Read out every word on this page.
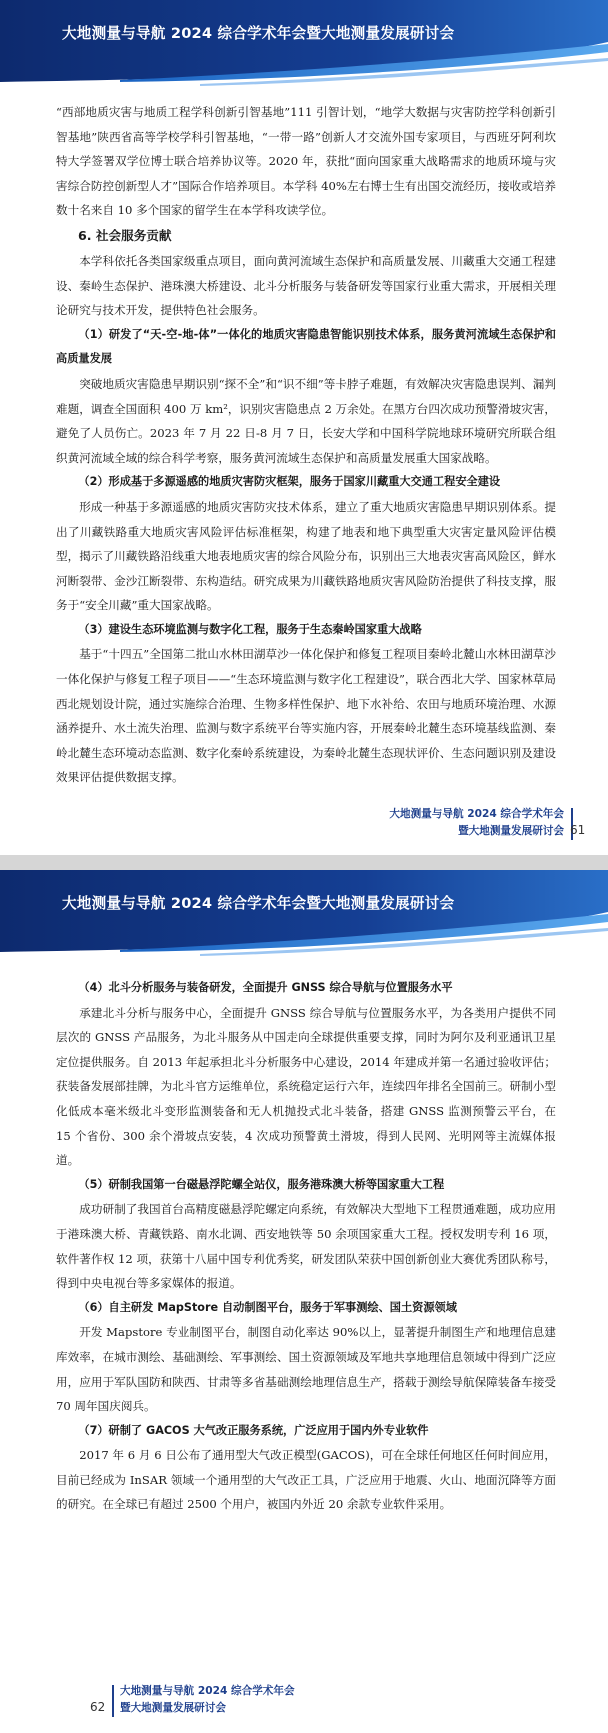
大地测量与导航 2024 综合学术年会暨大地测量发展研讨会

“西部地质灾害与地质工程学科创新引智基地”111 引智计划，“地学大数据与灾害防控学科创新引智基地”陕西省高等学校学科引智基地，“一带一路”创新人才交流外国专家项目，与西班牙阿利坎特大学签署双学位博士联合培养协议等。2020 年，获批“面向国家重大战略需求的地质环境与灾害综合防控创新型人才”国际合作培养项目。本学科 40%左右博士生有出国交流经历，接收或培养数十名来自 10 多个国家的留学生在本学科攻读学位。

6. 社会服务贡献

本学科依托各类国家级重点项目，面向黄河流域生态保护和高质量发展、川藏重大交通工程建设、秦岭生态保护、港珠澳大桥建设、北斗分析服务与装备研发等国家行业重大需求，开展相关理论研究与技术开发，提供特色社会服务。

（1）研发了“天-空-地-体”一体化的地质灾害隐患智能识别技术体系，服务黄河流域生态保护和高质量发展

突破地质灾害隐患早期识别“探不全”和“识不细”等卡脖子难题，有效解决灾害隐患误判、漏判难题，调查全国面积 400 万 km²，识别灾害隐患点 2 万余处。在黑方台四次成功预警滑坡灾害，避免了人员伤亡。2023 年 7 月 22 日-8 月 7 日，长安大学和中国科学院地球环境研究所联合组织黄河流域全域的综合科学考察，服务黄河流域生态保护和高质量发展重大国家战略。

（2）形成基于多源遥感的地质灾害防灾框架，服务于国家川藏重大交通工程安全建设

形成一种基于多源遥感的地质灾害防灾技术体系，建立了重大地质灾害隐患早期识别体系。提出了川藏铁路重大地质灾害风险评估标准框架，构建了地表和地下典型重大灾害定量风险评估模型，揭示了川藏铁路沿线重大地表地质灾害的综合风险分布，识别出三大地表灾害高风险区，鲜水河断裂带、金沙江断裂带、东构造结。研究成果为川藏铁路地质灾害风险防治提供了科技支撑，服务于“安全川藏”重大国家战略。

（3）建设生态环境监测与数字化工程，服务于生态秦岭国家重大战略

基于“十四五”全国第二批山水林田湖草沙一体化保护和修复工程项目秦岭北麓山水林田湖草沙一体化保护与修复工程子项目——“生态环境监测与数字化工程建设”，联合西北大学、国家林草局西北规划设计院，通过实施综合治理、生物多样性保护、地下水补给、农田与地质环境治理、水源涵养提升、水土流失治理、监测与数字系统平台等实施内容，开展秦岭北麓生态环境基线监测、秦岭北麓生态环境动态监测、数字化秦岭系统建设，为秦岭北麓生态现状评价、生态问题识别及建设效果评估提供数据支撑。

大地测量与导航 2024 综合学术年会
暨大地测量发展研讨会 61
大地测量与导航 2024 综合学术年会暨大地测量发展研讨会
（4）北斗分析服务与装备研发，全面提升 GNSS 综合导航与位置服务水平

承建北斗分析与服务中心，全面提升 GNSS 综合导航与位置服务水平，为各类用户提供不同层次的 GNSS 产品服务，为北斗服务从中国走向全球提供重要支撑，同时为阿尔及利亚通讯卫星定位提供服务。自 2013 年起承担北斗分析服务中心建设，2014 年建成并第一名通过验收评估；获装备发展部挂牌，为北斗官方运维单位，系统稳定运行六年，连续四年排名全国前三。研制小型化低成本毫米级北斗变形监测装备和无人机抛投式北斗装备，搭建 GNSS 监测预警云平台，在 15 个省份、300 余个滑坡点安装，4 次成功预警黄土滑坡，得到人民网、光明网等主流媒体报道。

（5）研制我国第一台磁悬浮陀螺全站仪，服务港珠澳大桥等国家重大工程

成功研制了我国首台高精度磁悬浮陀螺定向系统，有效解决大型地下工程贯通难题，成功应用于港珠澳大桥、青藏铁路、南水北调、西安地铁等 50 余项国家重大工程。授权发明专利 16 项，软件著作权 12 项，获第十八届中国专利优秀奖，研发团队荣获中国创新创业大赛优秀团队称号，得到中央电视台等多家媒体的报道。

（6）自主研发 MapStore 自动制图平台，服务于军事测绘、国土资源领域

开发 Mapstore 专业制图平台，制图自动化率达 90%以上，显著提升制图生产和地理信息建库效率，在城市测绘、基础测绘、军事测绘、国土资源领域及军地共享地理信息领域中得到广泛应用，应用于军队国防和陕西、甘肃等多省基础测绘地理信息生产，搭载于测绘导航保障装备车接受 70 周年国庆阅兵。

（7）研制了 GACOS 大气改正服务系统，广泛应用于国内外专业软件

2017 年 6 月 6 日公布了通用型大气改正模型(GACOS)，可在全球任何地区任何时间应用，目前已经成为 InSAR 领域一个通用型的大气改正工具，广泛应用于地震、火山、地面沉降等方面的研究。在全球已有超过 2500 个用户，被国内外近 20 余款专业软件采用。

62
大地测量与导航 2024 综合学术年会
暨大地测量发展研讨会
